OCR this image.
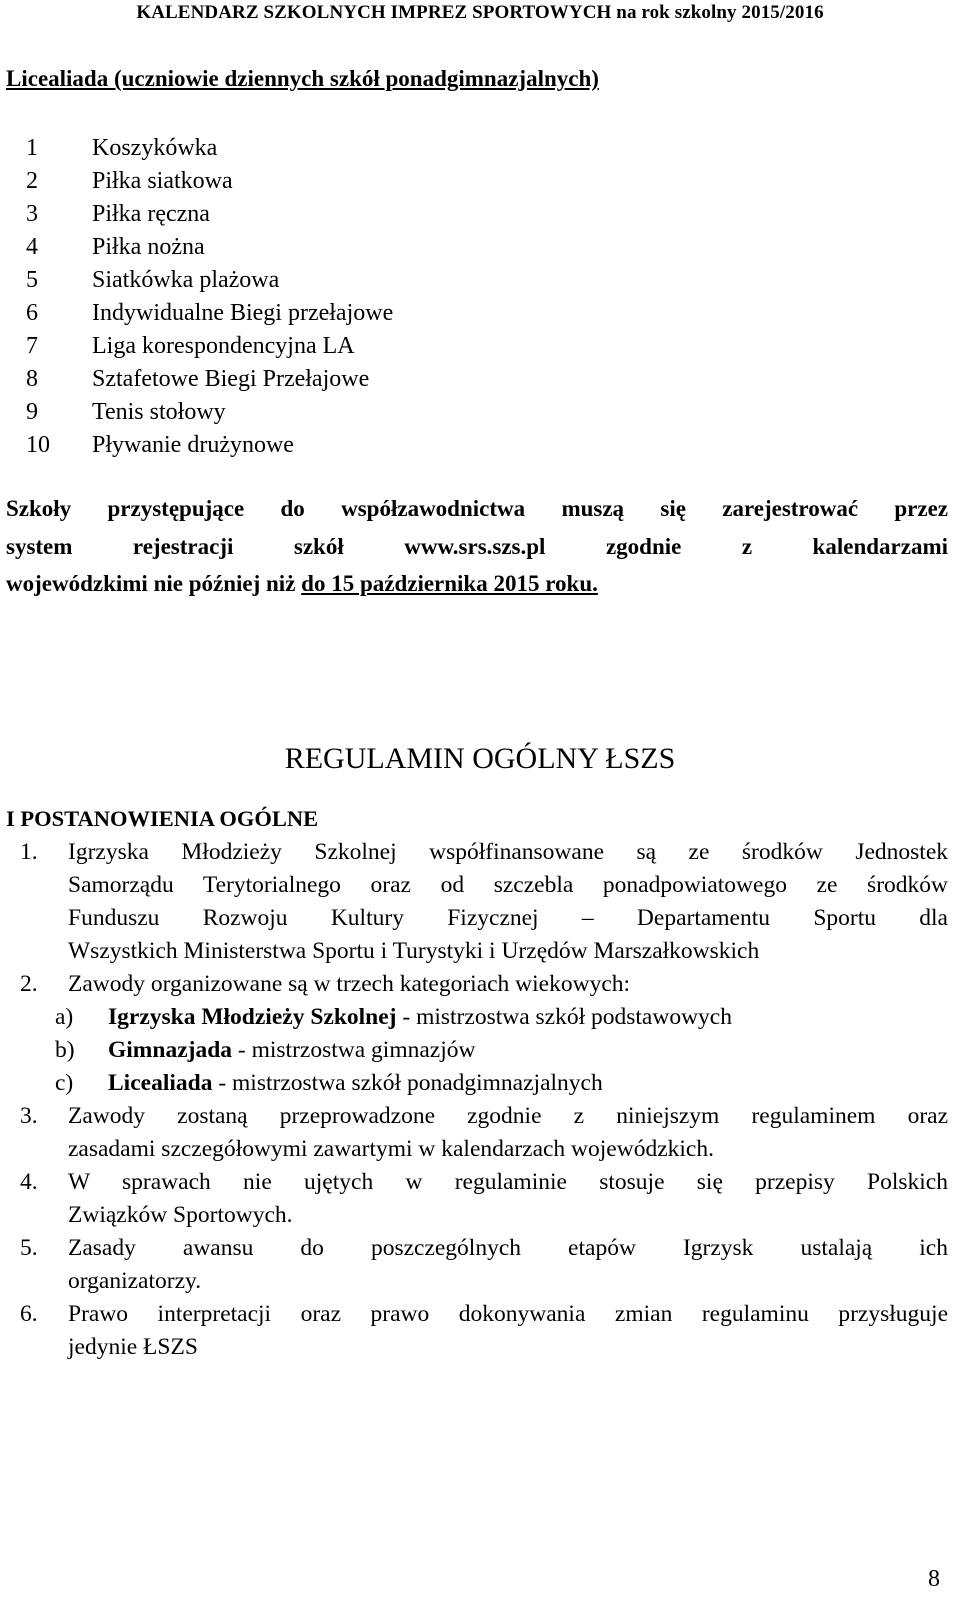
KALENDARZ SZKOLNYCH IMPREZ SPORTOWYCH na rok szkolny 2015/2016
Licealiada (uczniowie dziennych szkół ponadgimnazjalnych)
1 Koszykówka
2 Piłka siatkowa
3 Piłka ręczna
4 Piłka nożna
5 Siatkówka plażowa
6 Indywidualne Biegi przełajowe
7 Liga korespondencyjna LA
8 Sztafetowe Biegi Przełajowe
9 Tenis stołowy
10 Pływanie drużynowe
Szkoły przystępujące do współzawodnictwa muszą się zarejestrować przez
system rejestracji szkół www.srs.szs.pl zgodnie z kalendarzami
wojewódzkimi nie później niż do 15 października 2015 roku.
REGULAMIN OGÓLNY ŁSZS
I POSTANOWIENIA OGÓLNE
1. Igrzyska Młodzieży Szkolnej współfinansowane są ze środków Jednostek
Samorządu Terytorialnego oraz od szczebla ponadpowiatowego ze środków
Funduszu Rozwoju Kultury Fizycznej – Departamentu Sportu dla
Wszystkich Ministerstwa Sportu i Turystyki i Urzędów Marszałkowskich
2. Zawody organizowane są w trzech kategoriach wiekowych:
a) Igrzyska Młodzieży Szkolnej - mistrzostwa szkół podstawowych
b) Gimnazjada - mistrzostwa gimnazjów
c) Licealiada - mistrzostwa szkół ponadgimnazjalnych
3. Zawody zostaną przeprowadzone zgodnie z niniejszym regulaminem oraz
zasadami szczegółowymi zawartymi w kalendarzach wojewódzkich.
4. W sprawach nie ujętych w regulaminie stosuje się przepisy Polskich
Związków Sportowych.
5. Zasady awansu do poszczególnych etapów Igrzysk ustalają ich
organizatorzy.
6. Prawo interpretacji oraz prawo dokonywania zmian regulaminu przysługuje
jedynie ŁSZS
8
